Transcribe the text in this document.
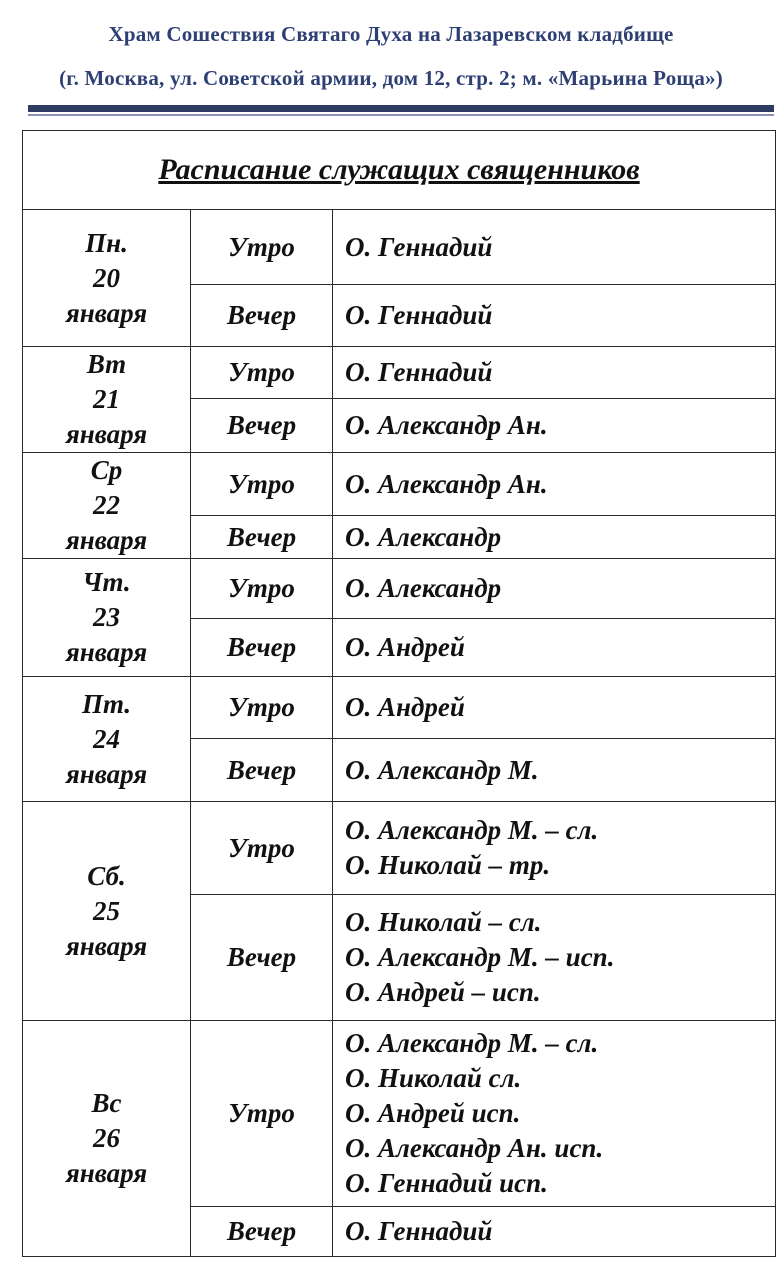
Храм Сошествия Святаго Духа на Лазаревском кладбище
(г. Москва, ул. Советской армии, дом 12, стр. 2; м. «Марьина Роща»)
Расписание служащих священников		

Пн.
20
января	Утро	О. Геннадий

	Вечер	О. Геннадий

Вт
21
января	Утро	О. Геннадий

	Вечер	О. Александр Ан.

Ср
22
января	Утро	О. Александр Ан.

	Вечер	О. Александр

Чт.
23
января	Утро	О. Александр

	Вечер	О. Андрей

Пт.
24
января	Утро	О. Андрей

	Вечер	О. Александр М.

Сб.
25
января	Утро	О. Александр М. – сл.
О. Николай – тр.

	Вечер	О. Николай – сл.
О. Александр М. – исп.
О. Андрей – исп.

Вс
26
января	Утро	О. Александр М. – сл.
О. Николай сл.
О. Андрей исп.
О. Александр Ан. исп.
О. Геннадий исп.

	Вечер	О. Геннадий
